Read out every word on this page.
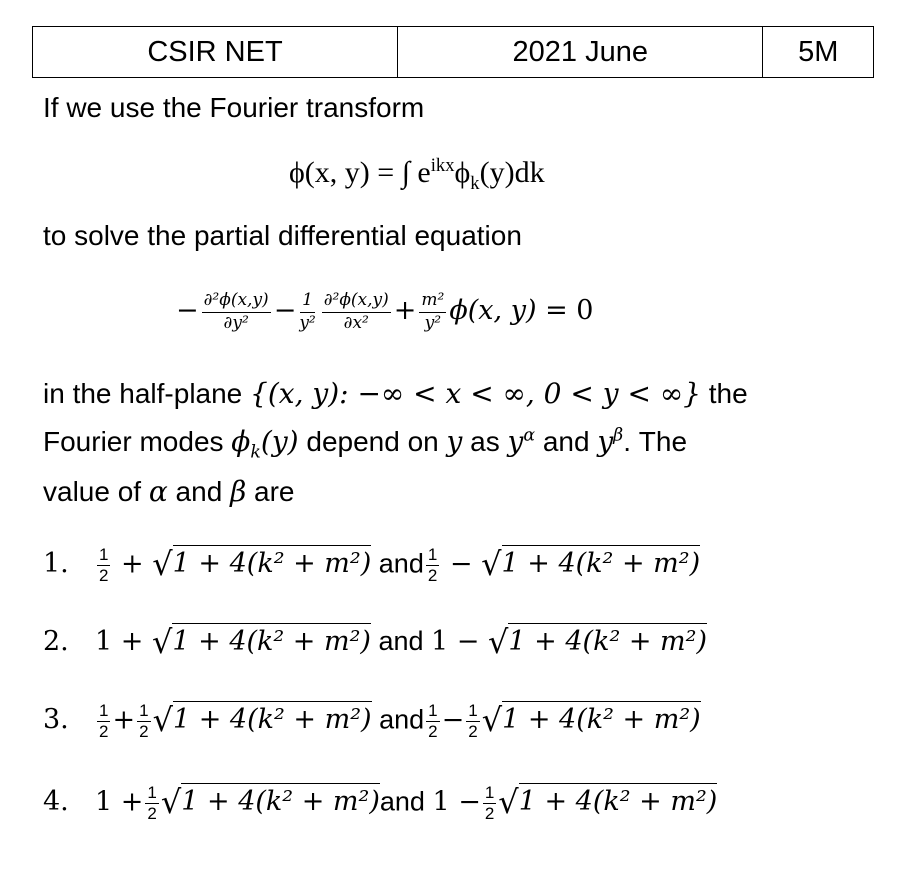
CSIR NET	2021 June	5M
If we use the Fourier transform
ϕ(x, y) = ∫ $e^{ikx}\phi_k(y)dk$
to solve the partial differential equation
− $\frac{\text{∂²ϕ(x,y)}}{\text{∂y²}} - \frac{1}{\text{y²}} \frac{\text{∂²ϕ(x,y)}}{\text{∂x²}} + \frac{\text{m²}}{\text{y²}} \phi(x$, y) = 0
in the half-plane {(x, y): −∞ < x < ∞, 0 < y < ∞} the
Fourier modes $\phi_k(y)$ depend on y as $y^\alpha$ and $y^\beta$. The
value of α and β are
1. $\frac{1}{2} + √1 + 4(k^2 + m^2)$ and $\frac{1}{2} - √1 + 4(k^2 + m^2)$
2. 1 + √1 + 4(k² + m²) and 1 − √1 + 4(k² + m²)
3. $\frac{1}{2} + \frac{1}{2} √1 + 4(k^2 + m^2)$ and $\frac{1}{2} - \frac{1}{2} √1 + 4(k^2 + m^2)$
4. $1 + \frac{1}{2} √1 + 4(k^2 + m^2)and$ $1 - \frac{1}{2} √1 + 4(k^2 + m^2)$
